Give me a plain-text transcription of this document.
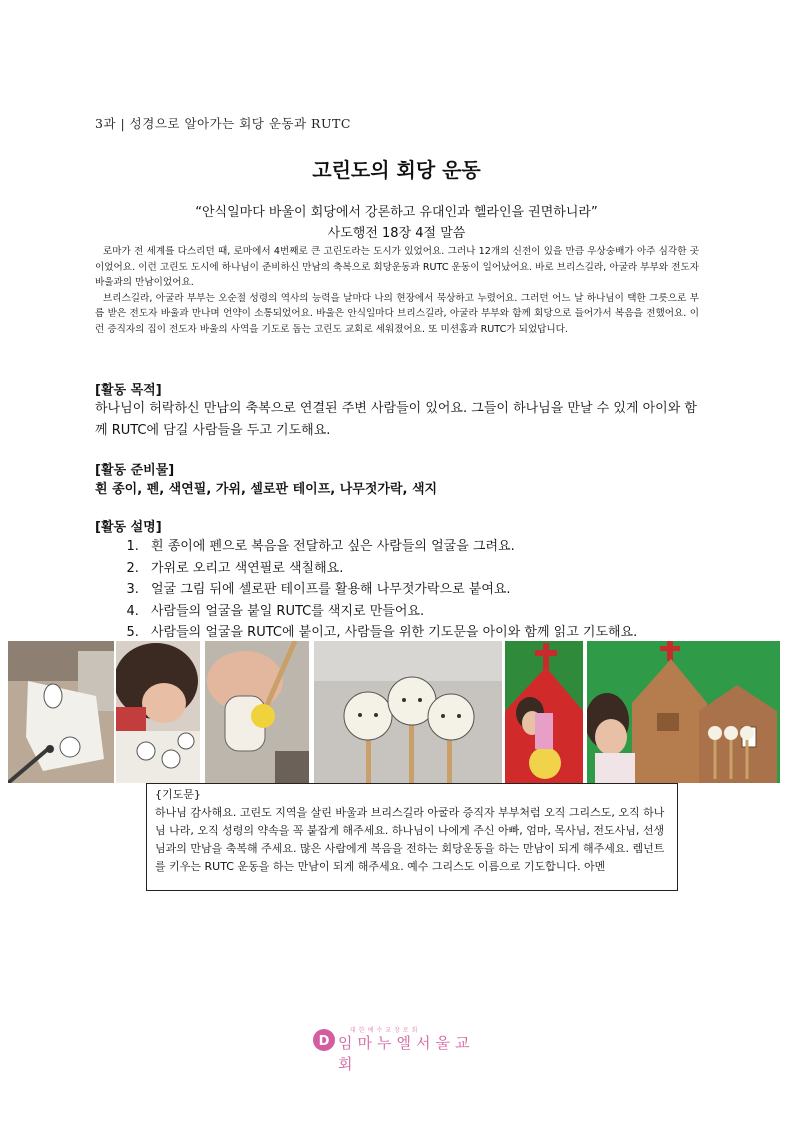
3과 | 성경으로 알아가는 회당 운동과 RUTC
고린도의 회당 운동
“안식일마다 바울이 회당에서 강론하고 유대인과 헬라인을 권면하니라”
사도행전 18장 4절 말씀

로마가 전 세계를 다스리던 때, 로마에서 4번째로 큰 고린도라는 도시가 있었어요. 그러나 12개의 신전이 있을 만큼 우상숭배가 아주 심각한 곳이었어요. 이런 고린도 도시에 하나님이 준비하신 만남의 축복으로 회당운동과 RUTC 운동이 일어났어요. 바로 브리스길라, 아굴라 부부와 전도자 바울과의 만남이었어요.

브리스길라, 아굴라 부부는 오순절 성령의 역사의 능력을 날마다 나의 현장에서 묵상하고 누렸어요. 그러던 어느 날 하나님이 택한 그릇으로 부름 받은 전도자 바울과 만나며 언약이 소통되었어요. 바울은 안식일마다 브리스길라, 아굴라 부부와 함께 회당으로 들어가서 복음을 전했어요. 이런 증직자의 집이 전도자 바울의 사역을 기도로 돕는 고린도 교회로 세워졌어요. 또 미션홈과 RUTC가 되었답니다.

[활동 목적]

하나님이 허락하신 만남의 축복으로 연결된 주변 사람들이 있어요. 그들이 하나님을 만날 수 있게 아이와 함께 RUTC에 담길 사람들을 두고 기도해요.

[활동 준비물]

흰 종이, 펜, 색연필, 가위, 셀로판 테이프, 나무젓가락, 색지

[활동 설명]

1. 흰 종이에 펜으로 복음을 전달하고 싶은 사람들의 얼굴을 그려요.
2. 가위로 오리고 색연필로 색칠해요.
3. 얼굴 그림 뒤에 셀로판 테이프를 활용해 나무젓가락으로 붙여요.
4. 사람들의 얼굴을 붙일 RUTC를 색지로 만들어요.
5. 사람들의 얼굴을 RUTC에 붙이고, 사람들을 위한 기도문을 아이와 함께 읽고 기도해요.

{기도문}

하나님 감사해요. 고린도 지역을 살린 바울과 브리스길라 아굴라 증직자 부부처럼 오직 그리스도, 오직 하나님 나라, 오직 성령의 약속을 꼭 붙잡게 해주세요. 하나님이 나에게 주신 아빠, 엄마, 목사님, 전도사님, 선생님과의 만남을 축복해 주세요. 많은 사람에게 복음을 전하는 회당운동을 하는 만남이 되게 해주세요. 렘넌트를 키우는 RUTC 운동을 하는 만남이 되게 해주세요. 예수 그리스도 이름으로 기도합니다. 아멘

D
대한예수교장로회
임마누엘서울교회
